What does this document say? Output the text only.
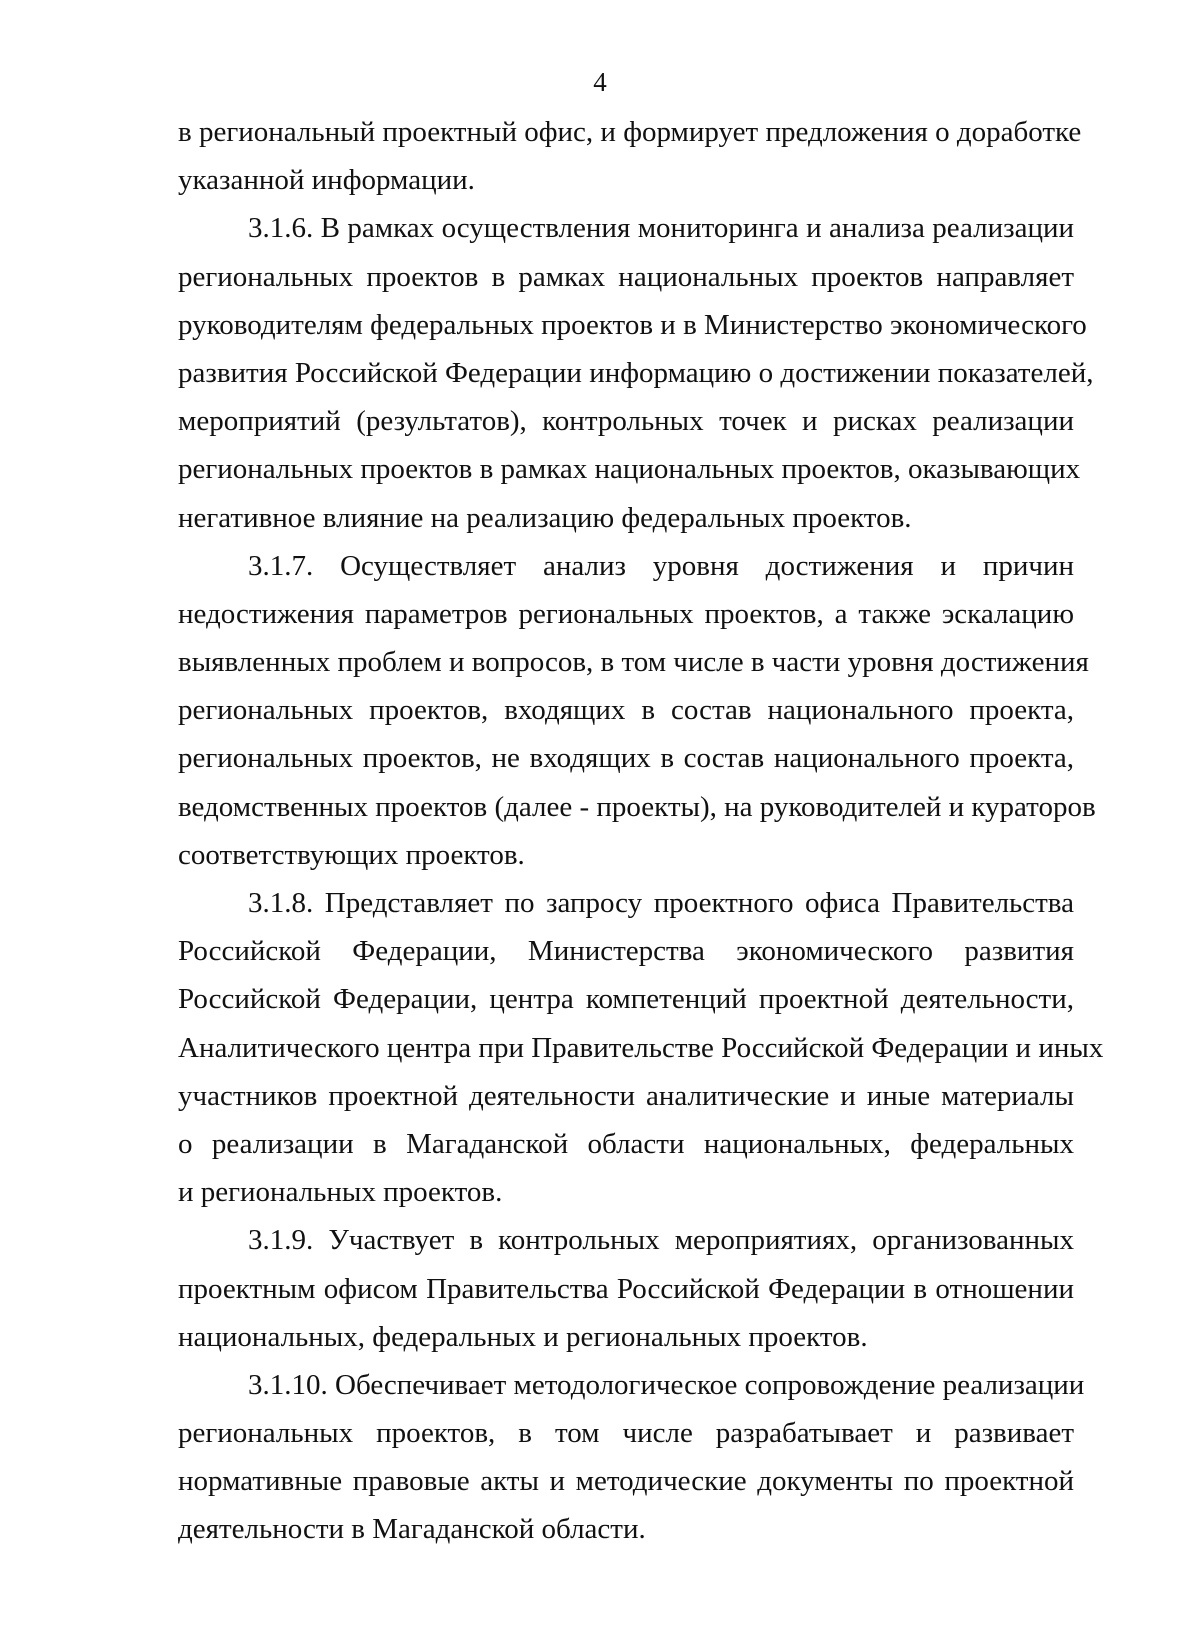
4
в региональный проектный офис, и формирует предложения о доработке
указанной информации.
3.1.6. В рамках осуществления мониторинга и анализа реализации
региональных проектов в рамках национальных проектов направляет
руководителям федеральных проектов и в Министерство экономического
развития Российской Федерации информацию о достижении показателей,
мероприятий (результатов), контрольных точек и рисках реализации
региональных проектов в рамках национальных проектов, оказывающих
негативное влияние на реализацию федеральных проектов.
3.1.7. Осуществляет анализ уровня достижения и причин
недостижения параметров региональных проектов, а также эскалацию
выявленных проблем и вопросов, в том числе в части уровня достижения
региональных проектов, входящих в состав национального проекта,
региональных проектов, не входящих в состав национального проекта,
ведомственных проектов (далее - проекты), на руководителей и кураторов
соответствующих проектов.
3.1.8. Представляет по запросу проектного офиса Правительства
Российской Федерации, Министерства экономического развития
Российской Федерации, центра компетенций проектной деятельности,
Аналитического центра при Правительстве Российской Федерации и иных
участников проектной деятельности аналитические и иные материалы
о реализации в Магаданской области национальных, федеральных
и региональных проектов.
3.1.9. Участвует в контрольных мероприятиях, организованных
проектным офисом Правительства Российской Федерации в отношении
национальных, федеральных и региональных проектов.
3.1.10. Обеспечивает методологическое сопровождение реализации
региональных проектов, в том числе разрабатывает и развивает
нормативные правовые акты и методические документы по проектной
деятельности в Магаданской области.
